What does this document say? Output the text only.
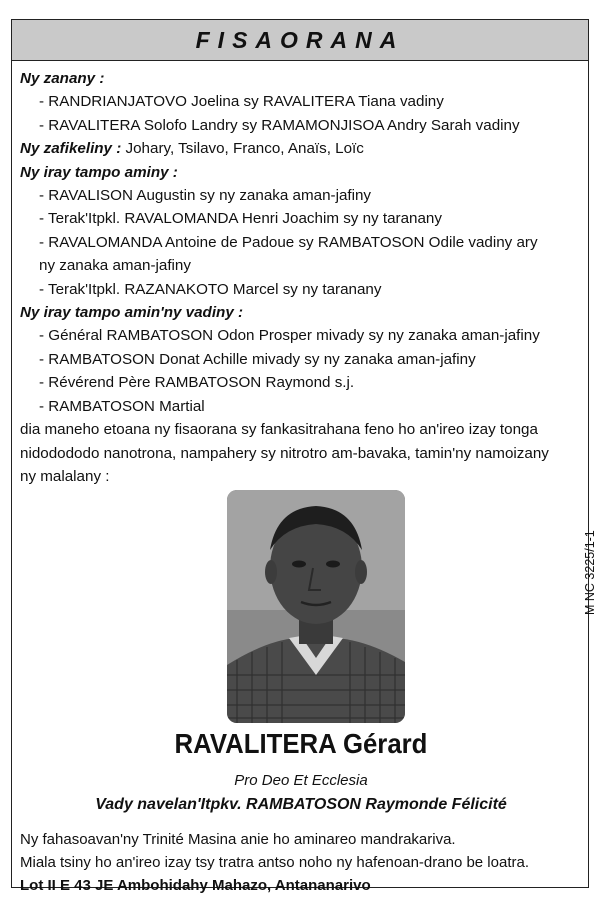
FISAORANA
Ny zanany :
- RANDRIANJATOVO Joelina sy RAVALITERA Tiana vadiny
- RAVALITERA Solofo Landry sy RAMAMONJISOA Andry Sarah vadiny
Ny zafikeliny : Johary, Tsilavo, Franco, Anaïs, Loïc
Ny iray tampo aminy :
- RAVALISON Augustin sy ny zanaka aman-jafiny
- Terak'Itpkl. RAVALOMANDA Henri Joachim sy ny taranany
- RAVALOMANDA Antoine de Padoue sy RAMBATOSON Odile vadiny ary
ny zanaka aman-jafiny
- Terak'Itpkl. RAZANAKOTO Marcel sy ny taranany
Ny iray tampo amin'ny vadiny :
- Général RAMBATOSON Odon Prosper mivady sy ny zanaka aman-jafiny
- RAMBATOSON Donat Achille mivady sy ny zanaka aman-jafiny
- Révérend Père RAMBATOSON Raymond s.j.
- RAMBATOSON Martial
dia maneho etoana ny fisaorana sy fankasitrahana feno ho an'ireo izay tonga
nidodododo nanotrona, nampahery sy nitrotro am-bavaka, tamin'ny namoizany
ny malalany :
M NC 3225/1-1
RAVALITERA Gérard
Pro Deo Et Ecclesia
Vady navelan'Itpkv. RAMBATOSON Raymonde Félicité
Ny fahasoavan'ny Trinité Masina anie ho aminareo mandrakariva.
Miala tsiny ho an'ireo izay tsy tratra antso noho ny hafenoan-drano be loatra.
Lot II E 43 JE Ambohidahy Mahazo, Antananarivo
